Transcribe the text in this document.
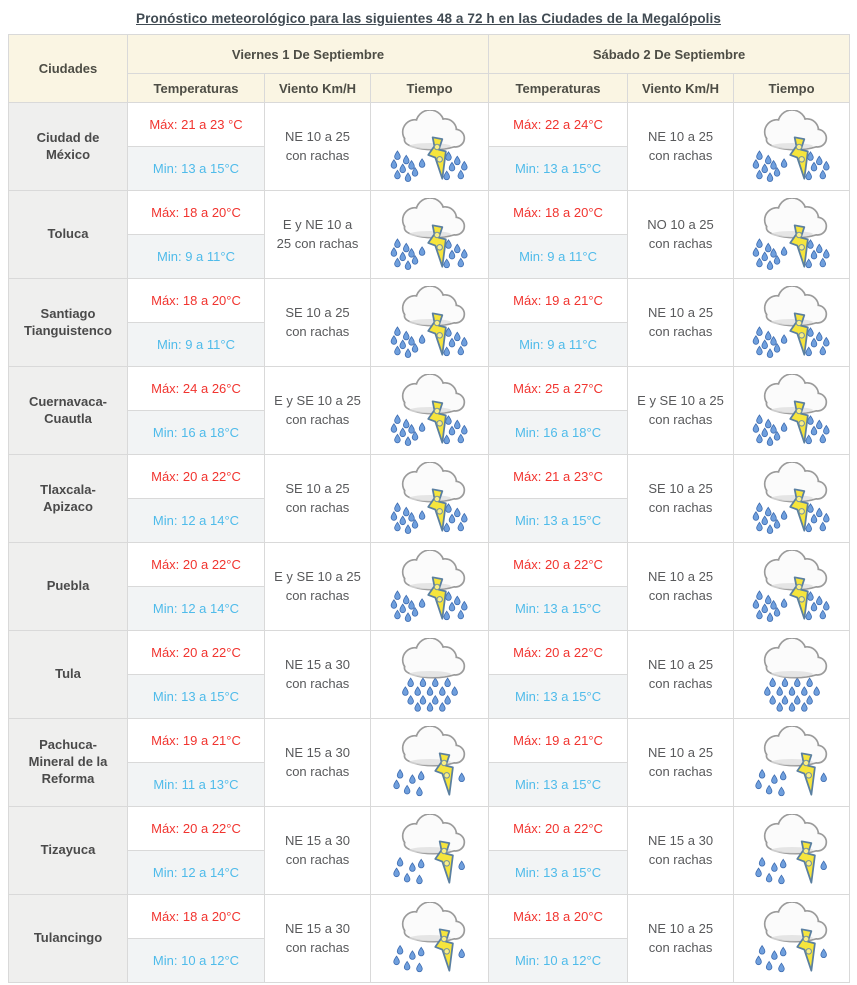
Pronóstico meteorológico para las siguientes 48 a 72 h en las Ciudades de la Megalópolis
Ciudades	Viernes 1 De Septiembre			Sábado 2 De Septiembre		
	Temperaturas	Viento Km/H	Tiempo	Temperaturas	Viento Km/H	Tiempo
Ciudad de México	Máx: 21 a 23 °C	NE 10 a 25 con rachas		Máx: 22 a 24°C	NE 10 a 25 con rachas	
	Min: 13 a 15°C			Min: 13 a 15°C		
Toluca	Máx: 18 a 20°C	E y NE 10 a 25 con rachas		Máx: 18 a 20°C	NO 10 a 25 con rachas	
	Min: 9 a 11°C			Min: 9 a 11°C		
Santiago Tianguistenco	Máx: 18 a 20°C	SE 10 a 25 con rachas		Máx: 19 a 21°C	NE 10 a 25 con rachas	
	Min: 9 a 11°C			Min: 9 a 11°C		
Cuernavaca-Cuautla	Máx: 24 a 26°C	E y SE 10 a 25 con rachas		Máx: 25 a 27°C	E y SE 10 a 25 con rachas	
	Min: 16 a 18°C			Min: 16 a 18°C		
Tlaxcala-Apizaco	Máx: 20 a 22°C	SE 10 a 25 con rachas		Máx: 21 a 23°C	SE 10 a 25 con rachas	
	Min: 12 a 14°C			Min: 13 a 15°C		
Puebla	Máx: 20 a 22°C	E y SE 10 a 25 con rachas		Máx: 20 a 22°C	NE 10 a 25 con rachas	
	Min: 12 a 14°C			Min: 13 a 15°C		
Tula	Máx: 20 a 22°C	NE 15 a 30 con rachas		Máx: 20 a 22°C	NE 10 a 25 con rachas	
	Min: 13 a 15°C			Min: 13 a 15°C		
Pachuca- Mineral de la Reforma	Máx: 19 a 21°C	NE 15 a 30 con rachas		Máx: 19 a 21°C	NE 10 a 25 con rachas	
	Min: 11 a 13°C			Min: 13 a 15°C		
Tizayuca	Máx: 20 a 22°C	NE 15 a 30 con rachas		Máx: 20 a 22°C	NE 15 a 30 con rachas	
	Min: 12 a 14°C			Min: 13 a 15°C		
Tulancingo	Máx: 18 a 20°C	NE 15 a 30 con rachas		Máx: 18 a 20°C	NE 10 a 25 con rachas	
	Min: 10 a 12°C			Min: 10 a 12°C		
